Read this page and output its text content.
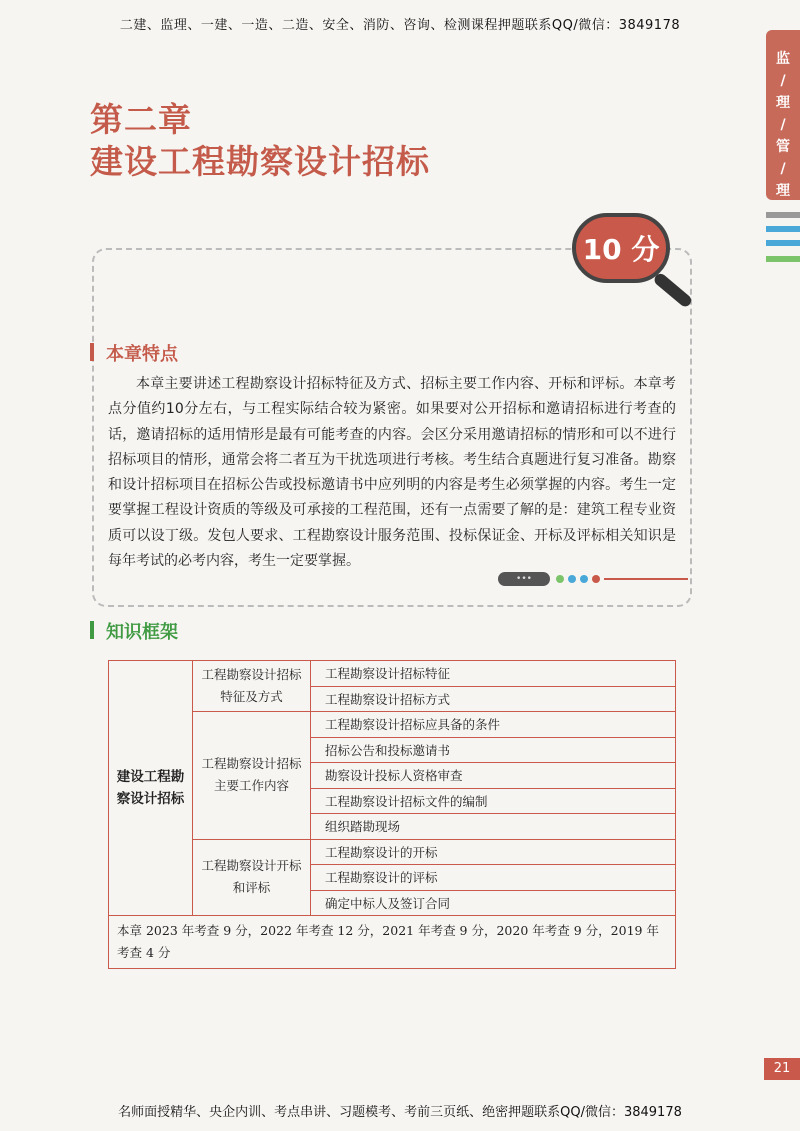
二建、监理、一建、一造、二造、安全、消防、咨询、检测课程押题联系QQ/微信：3849178
监
/
理
/
管
/
理
第二章
建设工程勘察设计招标
10 分
本章特点
本章主要讲述工程勘察设计招标特征及方式、招标主要工作内容、开标和评标。本章考点分值约10分左右，与工程实际结合较为紧密。如果要对公开招标和邀请招标进行考查的话，邀请招标的适用情形是最有可能考查的内容。会区分采用邀请招标的情形和可以不进行招标项目的情形，通常会将二者互为干扰选项进行考核。考生结合真题进行复习准备。勘察和设计招标项目在招标公告或投标邀请书中应列明的内容是考生必须掌握的内容。考生一定要掌握工程设计资质的等级及可承接的工程范围，还有一点需要了解的是：建筑工程专业资质可以设丁级。发包人要求、工程勘察设计服务范围、投标保证金、开标及评标相关知识是每年考试的必考内容，考生一定要掌握。
•••
知识框架
建设工程勘察设计招标	工程勘察设计招标特征及方式	工程勘察设计招标特征
		工程勘察设计招标方式
	工程勘察设计招标主要工作内容	工程勘察设计招标应具备的条件
		招标公告和投标邀请书
		勘察设计投标人资格审查
		工程勘察设计招标文件的编制
		组织踏勘现场
	工程勘察设计开标和评标	工程勘察设计的开标
		工程勘察设计的评标
		确定中标人及签订合同
本章 2023 年考查 9 分，2022 年考查 12 分，2021 年考查 9 分，2020 年考查 9 分，2019 年考查 4 分		
21
名师面授精华、央企内训、考点串讲、习题模考、考前三页纸、绝密押题联系QQ/微信：3849178
